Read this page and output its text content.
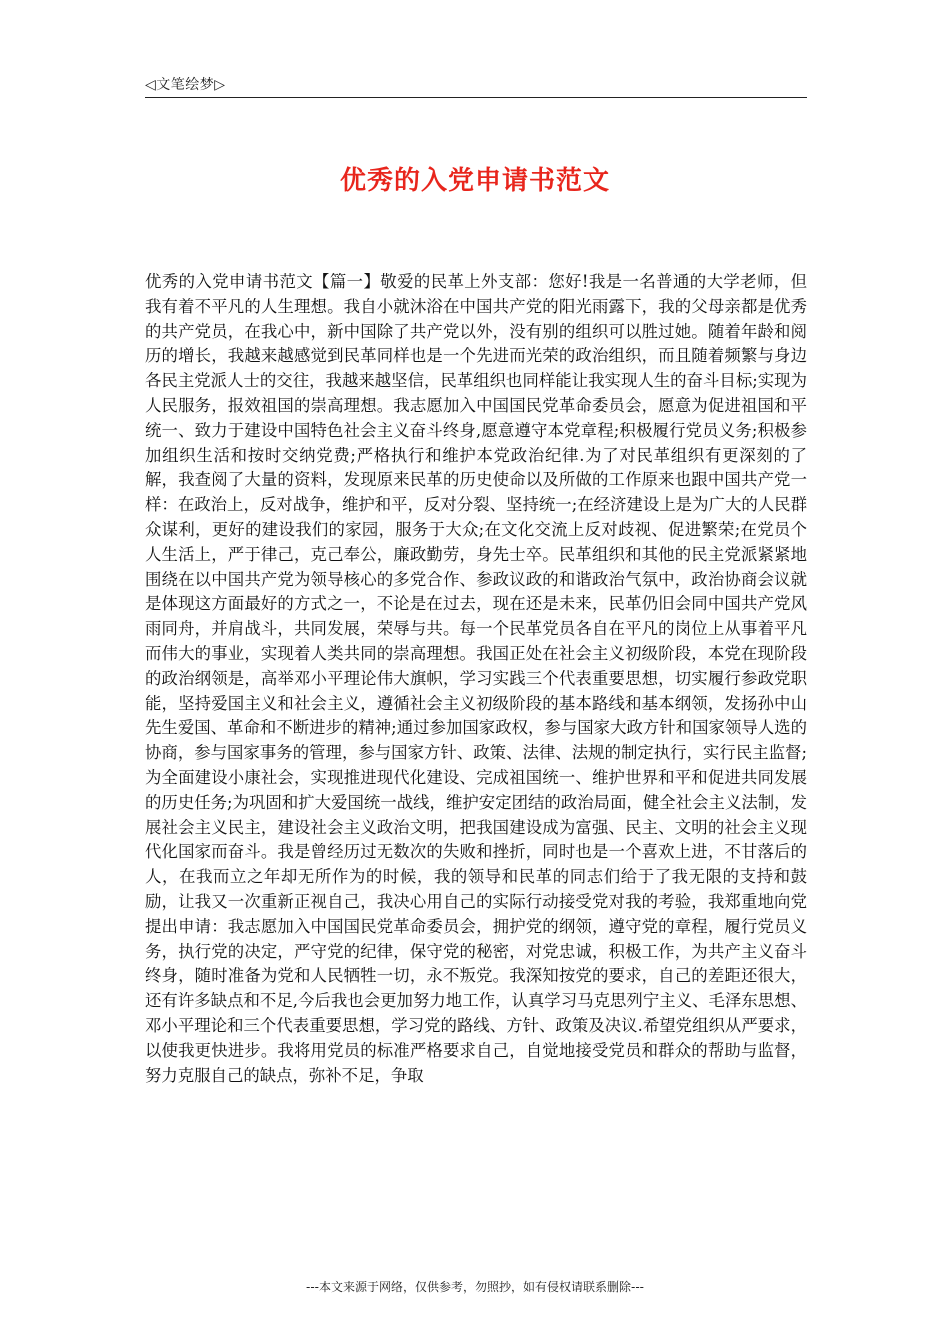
◁文笔绘梦▷
优秀的入党申请书范文

优秀的入党申请书范文【篇一】敬爱的民革上外支部：您好!我是一名普通的大学老师，但我有着不平凡的人生理想。我自小就沐浴在中国共产党的阳光雨露下，我的父母亲都是优秀的共产党员，在我心中，新中国除了共产党以外，没有别的组织可以胜过她。随着年龄和阅历的增长，我越来越感觉到民革同样也是一个先进而光荣的政治组织，而且随着频繁与身边各民主党派人士的交往，我越来越坚信，民革组织也同样能让我实现人生的奋斗目标;实现为人民服务，报效祖国的崇高理想。我志愿加入中国国民党革命委员会，愿意为促进祖国和平统一、致力于建设中国特色社会主义奋斗终身,愿意遵守本党章程;积极履行党员义务;积极参加组织生活和按时交纳党费;严格执行和维护本党政治纪律.为了对民革组织有更深刻的了解，我查阅了大量的资料，发现原来民革的历史使命以及所做的工作原来也跟中国共产党一样：在政治上，反对战争，维护和平，反对分裂、坚持统一;在经济建设上是为广大的人民群众谋利，更好的建设我们的家园，服务于大众;在文化交流上反对歧视、促进繁荣;在党员个人生活上，严于律己，克己奉公，廉政勤劳，身先士卒。民革组织和其他的民主党派紧紧地围绕在以中国共产党为领导核心的多党合作、参政议政的和谐政治气氛中，政治协商会议就是体现这方面最好的方式之一，不论是在过去，现在还是未来，民革仍旧会同中国共产党风雨同舟，并肩战斗，共同发展，荣辱与共。每一个民革党员各自在平凡的岗位上从事着平凡而伟大的事业，实现着人类共同的崇高理想。我国正处在社会主义初级阶段，本党在现阶段的政治纲领是，高举邓小平理论伟大旗帜，学习实践三个代表重要思想，切实履行参政党职能，坚持爱国主义和社会主义，遵循社会主义初级阶段的基本路线和基本纲领，发扬孙中山先生爱国、革命和不断进步的精神;通过参加国家政权，参与国家大政方针和国家领导人选的协商，参与国家事务的管理，参与国家方针、政策、法律、法规的制定执行，实行民主监督;为全面建设小康社会，实现推进现代化建设、完成祖国统一、维护世界和平和促进共同发展的历史任务;为巩固和扩大爱国统一战线，维护安定团结的政治局面，健全社会主义法制，发展社会主义民主，建设社会主义政治文明，把我国建设成为富强、民主、文明的社会主义现代化国家而奋斗。我是曾经历过无数次的失败和挫折，同时也是一个喜欢上进，不甘落后的人，在我而立之年却无所作为的时候，我的领导和民革的同志们给于了我无限的支持和鼓励，让我又一次重新正视自己，我决心用自己的实际行动接受党对我的考验，我郑重地向党提出申请：我志愿加入中国国民党革命委员会，拥护党的纲领，遵守党的章程，履行党员义务，执行党的决定，严守党的纪律，保守党的秘密，对党忠诚，积极工作，为共产主义奋斗终身，随时准备为党和人民牺牲一切，永不叛党。我深知按党的要求，自己的差距还很大，还有许多缺点和不足,今后我也会更加努力地工作，认真学习马克思列宁主义、毛泽东思想、邓小平理论和三个代表重要思想，学习党的路线、方针、政策及决议.希望党组织从严要求，以使我更快进步。我将用党员的标准严格要求自己，自觉地接受党员和群众的帮助与监督，努力克服自己的缺点，弥补不足，争取

---本文来源于网络，仅供参考，勿照抄，如有侵权请联系删除---
